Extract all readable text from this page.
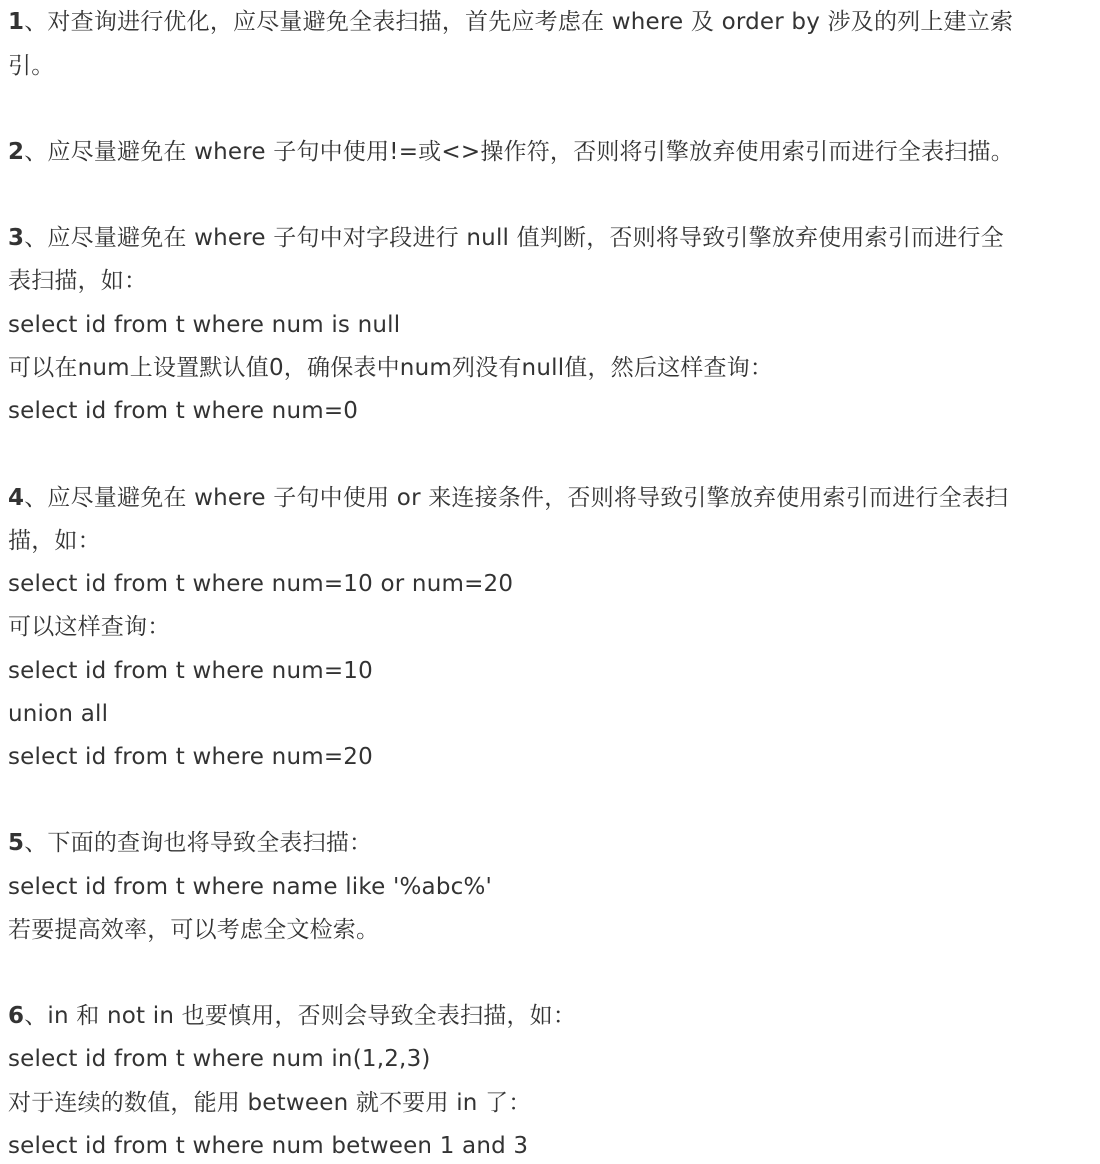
1、对查询进行优化，应尽量避免全表扫描，首先应考虑在 where 及 order by 涉及的列上建立索
引。
2、应尽量避免在 where 子句中使用!=或<>操作符，否则将引擎放弃使用索引而进行全表扫描。
3、应尽量避免在 where 子句中对字段进行 null 值判断，否则将导致引擎放弃使用索引而进行全
表扫描，如：
select id from t where num is null
可以在num上设置默认值0，确保表中num列没有null值，然后这样查询：
select id from t where num=0
4、应尽量避免在 where 子句中使用 or 来连接条件，否则将导致引擎放弃使用索引而进行全表扫
描，如：
select id from t where num=10 or num=20
可以这样查询：
select id from t where num=10
union all
select id from t where num=20
5、下面的查询也将导致全表扫描：
select id from t where name like '%abc%'
若要提高效率，可以考虑全文检索。
6、in 和 not in 也要慎用，否则会导致全表扫描，如：
select id from t where num in(1,2,3)
对于连续的数值，能用 between 就不要用 in 了：
select id from t where num between 1 and 3
